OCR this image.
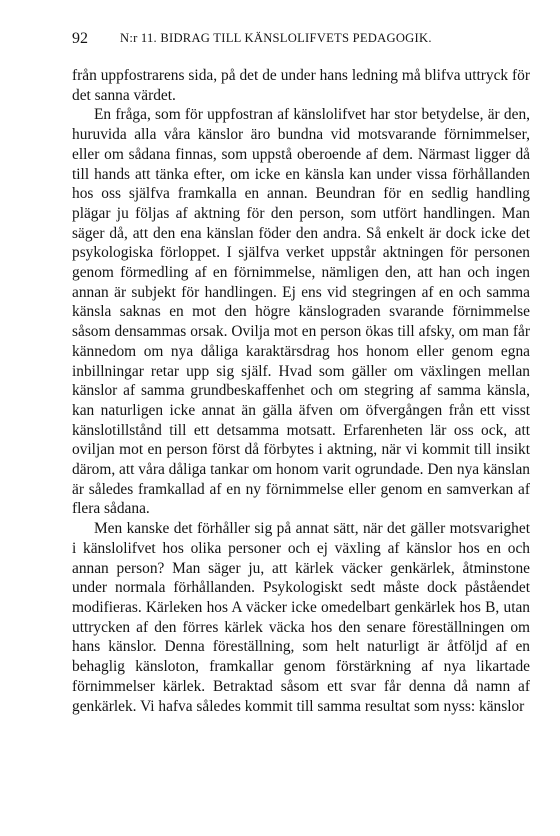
92	N:r 11. BIDRAG TILL KÄNSLOLIFVETS PEDAGOGIK.

från uppfostrarens sida, på det de under hans ledning må blifva uttryck för det sanna värdet.

En fråga, som för uppfostran af känslolifvet har stor betydelse, är den, huruvida alla våra känslor äro bundna vid motsvarande förnimmelser, eller om sådana finnas, som uppstå oberoende af dem. Närmast ligger då till hands att tänka efter, om icke en känsla kan under vissa förhållanden hos oss själfva framkalla en annan. Beundran för en sedlig handling plägar ju följas af aktning för den person, som utfört handlingen. Man säger då, att den ena känslan föder den andra. Så enkelt är dock icke det psykologiska förloppet. I själfva verket uppstår aktningen för personen genom förmedling af en förnimmelse, nämligen den, att han och ingen annan är subjekt för handlingen. Ej ens vid stegringen af en och samma känsla saknas en mot den högre känslograden svarande förnimmelse såsom densammas orsak. Ovilja mot en person ökas till afsky, om man får kännedom om nya dåliga karaktärsdrag hos honom eller genom egna inbillningar retar upp sig själf. Hvad som gäller om växlingen mellan känslor af samma grundbeskaffenhet och om stegring af samma känsla, kan naturligen icke annat än gälla äfven om öfvergången från ett visst känslotillstånd till ett detsamma motsatt. Erfarenheten lär oss ock, att oviljan mot en person först då förbytes i aktning, när vi kommit till insikt därom, att våra dåliga tankar om honom varit ogrundade. Den nya känslan är således framkallad af en ny förnimmelse eller genom en samverkan af flera sådana.

Men kanske det förhåller sig på annat sätt, när det gäller motsvarighet i känslolifvet hos olika personer och ej växling af känslor hos en och annan person? Man säger ju, att kärlek väcker genkärlek, åtminstone under normala förhållanden. Psykologiskt sedt måste dock påståendet modifieras. Kärleken hos A väcker icke omedelbart genkärlek hos B, utan uttrycken af den förres kärlek väcka hos den senare föreställningen om hans känslor. Denna föreställning, som helt naturligt är åtföljd af en behaglig känsloton, framkallar genom förstärkning af nya likartade förnimmelser kärlek. Betraktad såsom ett svar får denna då namn af genkärlek. Vi hafva således kommit till samma resultat som nyss: känslor
